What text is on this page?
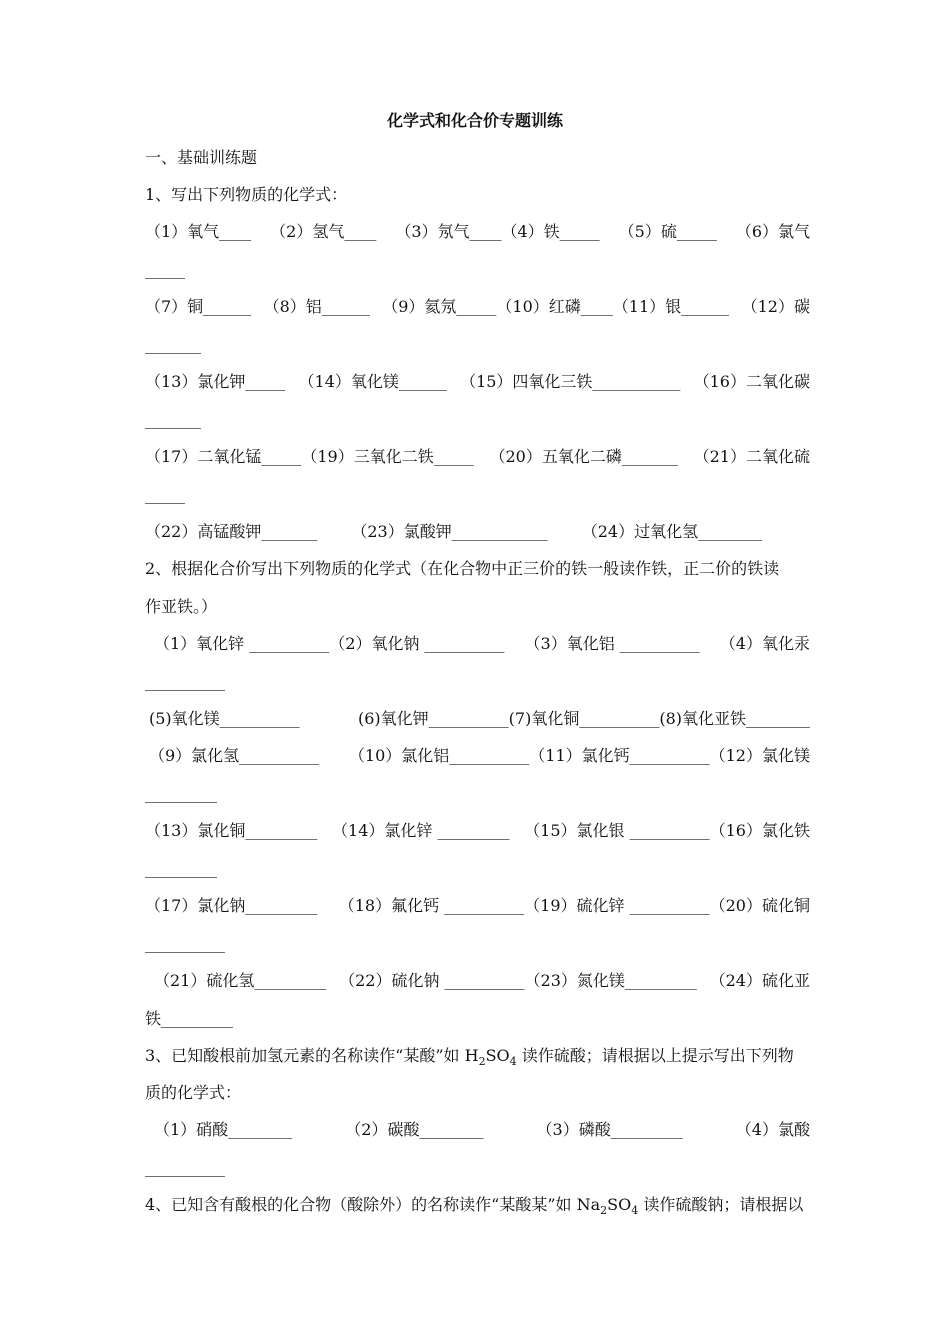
化学式和化合价专题训练
一、基础训练题
1、写出下列物质的化学式：
（1）氧气____ （2）氢气____ （3）氖气____（4）铁_____ （5）硫_____ （6）氯气
_____
（7）铜______ （8）铝______ （9）氦氖_____（10）红磷____（11）银______ （12）碳
_______
（13）氯化钾_____ （14）氧化镁______ （15）四氧化三铁___________ （16）二氧化碳
_______
（17）二氧化锰_____（19）三氧化二铁_____ （20）五氧化二磷_______ （21）二氧化硫
_____
（22）高锰酸钾_______ （23）氯酸钾____________ （24）过氧化氢________
2、根据化合价写出下列物质的化学式（在化合物中正三价的铁一般读作铁，正二价的铁读
作亚铁。）
（1）氧化锌 __________（2）氧化钠 __________ （3）氧化铝 __________ （4）氧化汞
__________
(5)氧化镁__________	(6)氧化钾__________(7)氧化铜__________(8)氧化亚铁________
（9）氯化氢__________ （10）氯化铝__________（11）氯化钙__________（12）氯化镁
_________
（13）氯化铜_________ （14）氯化锌 _________ （15）氯化银 __________（16）氯化铁
_________
（17）氯化钠_________ （18）氟化钙 __________（19）硫化锌 __________（20）硫化铜
__________
（21）硫化氢_________ （22）硫化钠 __________（23）氮化镁_________ （24）硫化亚
铁_________
3、已知酸根前加氢元素的名称读作“某酸”如 $H_2SO_4$ 读作硫酸；请根据以上提示写出下列物
质的化学式：
（1）硝酸________	（2）碳酸________	（3）磷酸_________	（4）氯酸
__________
4、已知含有酸根的化合物（酸除外）的名称读作“某酸某”如 $Na_2SO_4$ 读作硫酸钠；请根据以
